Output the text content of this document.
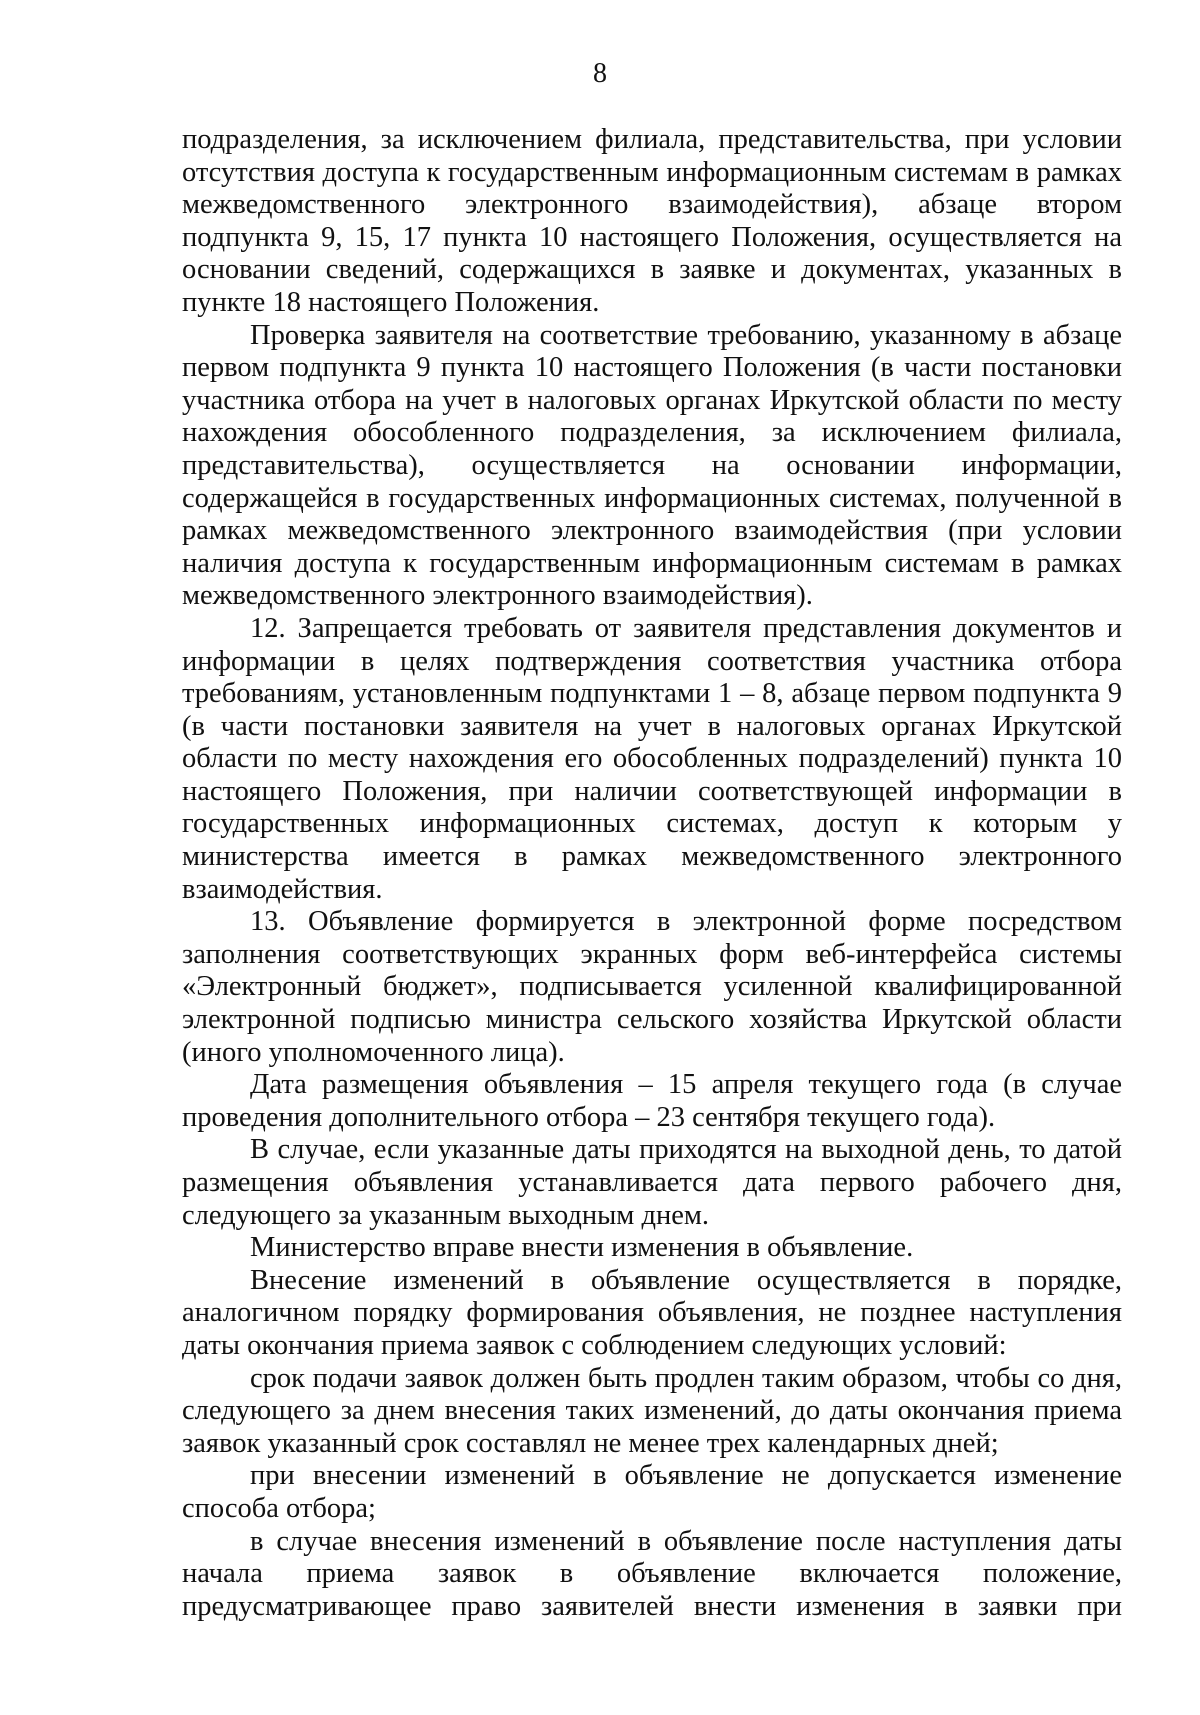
8

подразделения, за исключением филиала, представительства, при условии отсутствия доступа к государственным информационным системам в рамках межведомственного электронного взаимодействия), абзаце втором подпункта 9, 15, 17 пункта 10 настоящего Положения, осуществляется на основании сведений, содержащихся в заявке и документах, указанных в пункте 18 настоящего Положения.

Проверка заявителя на соответствие требованию, указанному в абзаце первом подпункта 9 пункта 10 настоящего Положения (в части постановки участника отбора на учет в налоговых органах Иркутской области по месту нахождения обособленного подразделения, за исключением филиала, представительства), осуществляется на основании информации, содержащейся в государственных информационных системах, полученной в рамках межведомственного электронного взаимодействия (при условии наличия доступа к государственным информационным системам в рамках межведомственного электронного взаимодействия).

12. Запрещается требовать от заявителя представления документов и информации в целях подтверждения соответствия участника отбора требованиям, установленным подпунктами 1 – 8, абзаце первом подпункта 9 (в части постановки заявителя на учет в налоговых органах Иркутской области по месту нахождения его обособленных подразделений) пункта 10 настоящего Положения, при наличии соответствующей информации в государственных информационных системах, доступ к которым у министерства имеется в рамках межведомственного электронного взаимодействия.

13. Объявление формируется в электронной форме посредством заполнения соответствующих экранных форм веб-интерфейса системы «Электронный бюджет», подписывается усиленной квалифицированной электронной подписью министра сельского хозяйства Иркутской области (иного уполномоченного лица).

Дата размещения объявления – 15 апреля текущего года (в случае проведения дополнительного отбора – 23 сентября текущего года).

В случае, если указанные даты приходятся на выходной день, то датой размещения объявления устанавливается дата первого рабочего дня, следующего за указанным выходным днем.

Министерство вправе внести изменения в объявление.

Внесение изменений в объявление осуществляется в порядке, аналогичном порядку формирования объявления, не позднее наступления даты окончания приема заявок с соблюдением следующих условий:

срок подачи заявок должен быть продлен таким образом, чтобы со дня, следующего за днем внесения таких изменений, до даты окончания приема заявок указанный срок составлял не менее трех календарных дней;

при внесении изменений в объявление не допускается изменение способа отбора;

в случае внесения изменений в объявление после наступления даты начала приема заявок в объявление включается положение, предусматривающее право заявителей внести изменения в заявки при
